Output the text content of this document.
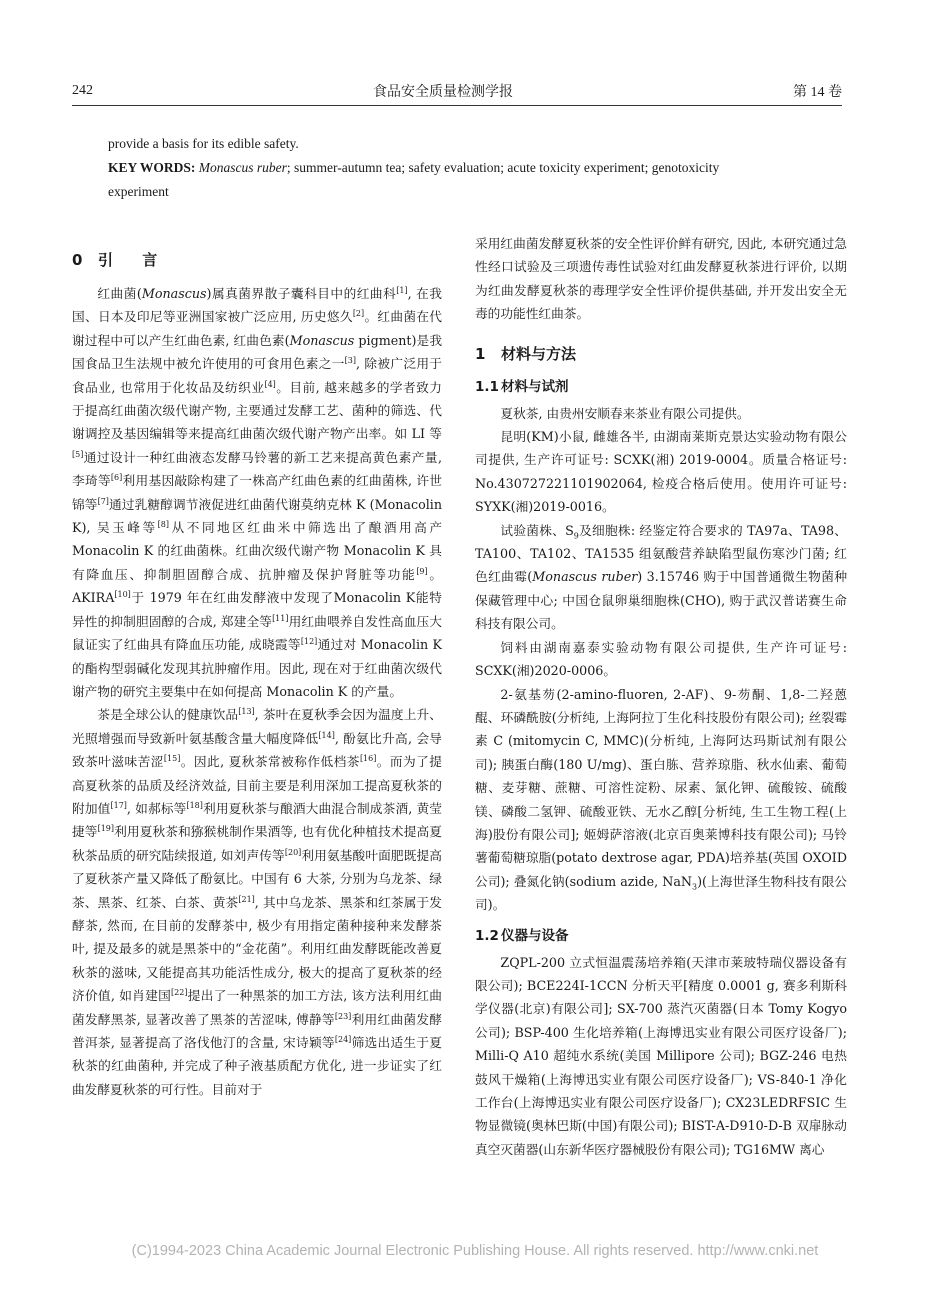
242	食品安全质量检测学报	第 14 卷
provide a basis for its edible safety.
KEY WORDS: Monascus ruber; summer-autumn tea; safety evaluation; acute toxicity experiment; genotoxicity
experiment
0 引 言

红曲菌(Monascus)属真菌界散子囊科目中的红曲科[1], 在我国、日本及印尼等亚洲国家被广泛应用, 历史悠久[2]。红曲菌在代谢过程中可以产生红曲色素, 红曲色素(Monascus pigment)是我国食品卫生法规中被允许使用的可食用色素之一[3], 除被广泛用于食品业, 也常用于化妆品及纺织业[4]。目前, 越来越多的学者致力于提高红曲菌次级代谢产物, 主要通过发酵工艺、菌种的筛选、代谢调控及基因编辑等来提高红曲菌次级代谢产物产出率。如 LI 等[5]通过设计一种红曲液态发酵马铃薯的新工艺来提高黄色素产量, 李琦等[6]利用基因敲除构建了一株高产红曲色素的红曲菌株, 许世锦等[7]通过乳糖醇调节液促进红曲菌代谢莫纳克林 K (Monacolin K), 吴玉峰等[8]从不同地区红曲米中筛选出了酿酒用高产 Monacolin K 的红曲菌株。红曲次级代谢产物 Monacolin K 具有降血压、抑制胆固醇合成、抗肿瘤及保护肾脏等功能[9]。AKIRA[10]于 1979 年在红曲发酵液中发现了Monacolin K能特异性的抑制胆固醇的合成, 郑建全等[11]用红曲喂养自发性高血压大鼠证实了红曲具有降血压功能, 成晓霞等[12]通过对 Monacolin K 的酯构型弱碱化发现其抗肿瘤作用。因此, 现在对于红曲菌次级代谢产物的研究主要集中在如何提高 Monacolin K 的产量。

茶是全球公认的健康饮品[13], 茶叶在夏秋季会因为温度上升、光照增强而导致新叶氨基酸含量大幅度降低[14], 酚氨比升高, 会导致茶叶滋味苦涩[15]。因此, 夏秋茶常被称作低档茶[16]。而为了提高夏秋茶的品质及经济效益, 目前主要是利用深加工提高夏秋茶的附加值[17], 如郝标等[18]利用夏秋茶与酿酒大曲混合制成茶酒, 黄莹捷等[19]利用夏秋茶和猕猴桃制作果酒等, 也有优化种植技术提高夏秋茶品质的研究陆续报道, 如刘声传等[20]利用氨基酸叶面肥既提高了夏秋茶产量又降低了酚氨比。中国有 6 大茶, 分别为乌龙茶、绿茶、黑茶、红茶、白茶、黄茶[21], 其中乌龙茶、黑茶和红茶属于发酵茶, 然而, 在目前的发酵茶中, 极少有用指定菌种接种来发酵茶叶, 提及最多的就是黑茶中的“金花菌”。利用红曲发酵既能改善夏秋茶的滋味, 又能提高其功能活性成分, 极大的提高了夏秋茶的经济价值, 如肖建国[22]提出了一种黑茶的加工方法, 该方法利用红曲菌发酵黑茶, 显著改善了黑茶的苦涩味, 傅静等[23]利用红曲菌发酵普洱茶, 显著提高了洛伐他汀的含量, 宋诗颖等[24]筛选出适生于夏秋茶的红曲菌种, 并完成了种子液基质配方优化, 进一步证实了红曲发酵夏秋茶的可行性。目前对于

采用红曲菌发酵夏秋茶的安全性评价鲜有研究, 因此, 本研究通过急性经口试验及三项遗传毒性试验对红曲发酵夏秋茶进行评价, 以期为红曲发酵夏秋茶的毒理学安全性评价提供基础, 并开发出安全无毒的功能性红曲茶。

1 材料与方法
1.1 材料与试剂

夏秋茶, 由贵州安顺春来茶业有限公司提供。

昆明(KM)小鼠, 雌雄各半, 由湖南莱斯克景达实验动物有限公司提供, 生产许可证号: SCXK(湘) 2019-0004。质量合格证号: No.430727221101902064, 检疫合格后使用。使用许可证号: SYXK(湘)2019-0016。

试验菌株、$S_9$及细胞株: 经鉴定符合要求的 TA97a、TA98、TA100、TA102、TA1535 组氨酸营养缺陷型鼠伤寒沙门菌; 红色红曲霉(Monascus ruber) 3.15746 购于中国普通微生物菌种保藏管理中心; 中国仓鼠卵巢细胞株(CHO), 购于武汉普诺赛生命科技有限公司。

饲料由湖南嘉泰实验动物有限公司提供, 生产许可证号: SCXK(湘)2020-0006。

2-氨基芴(2-amino-fluoren, 2-AF)、9-芴酮、1,8-二羟蒽醌、环磷酰胺(分析纯, 上海阿拉丁生化科技股份有限公司); 丝裂霉素 C (mitomycin C, MMC)(分析纯, 上海阿达玛斯试剂有限公司); 胰蛋白酶(180 U/mg)、蛋白胨、营养琼脂、秋水仙素、葡萄糖、麦芽糖、蔗糖、可溶性淀粉、尿素、氯化钾、硫酸铵、硫酸镁、磷酸二氢钾、硫酸亚铁、无水乙醇[分析纯, 生工生物工程(上海)股份有限公司]; 姬姆萨溶液(北京百奥莱博科技有限公司); 马铃薯葡萄糖琼脂(potato dextrose agar, PDA)培养基(英国 OXOID 公司); 叠氮化钠(sodium azide, NaN$_3$)(上海世泽生物科技有限公司)。

1.2 仪器与设备

ZQPL-200 立式恒温震荡培养箱(天津市莱玻特瑞仪器设备有限公司); BCE224I-1CCN 分析天平[精度 0.0001 g, 赛多利斯科学仪器(北京)有限公司]; SX-700 蒸汽灭菌器(日本 Tomy Kogyo 公司); BSP-400 生化培养箱(上海博迅实业有限公司医疗设备厂); Milli-Q A10 超纯水系统(美国 Millipore 公司); BGZ-246 电热鼓风干燥箱(上海博迅实业有限公司医疗设备厂); VS-840-1 净化工作台(上海博迅实业有限公司医疗设备厂); CX23LEDRFSIC 生物显微镜(奥林巴斯(中国)有限公司); BIST-A-D910-D-B 双扉脉动真空灭菌器(山东新华医疗器械股份有限公司); TG16MW 离心

(C)1994-2023 China Academic Journal Electronic Publishing House. All rights reserved. http://www.cnki.net
